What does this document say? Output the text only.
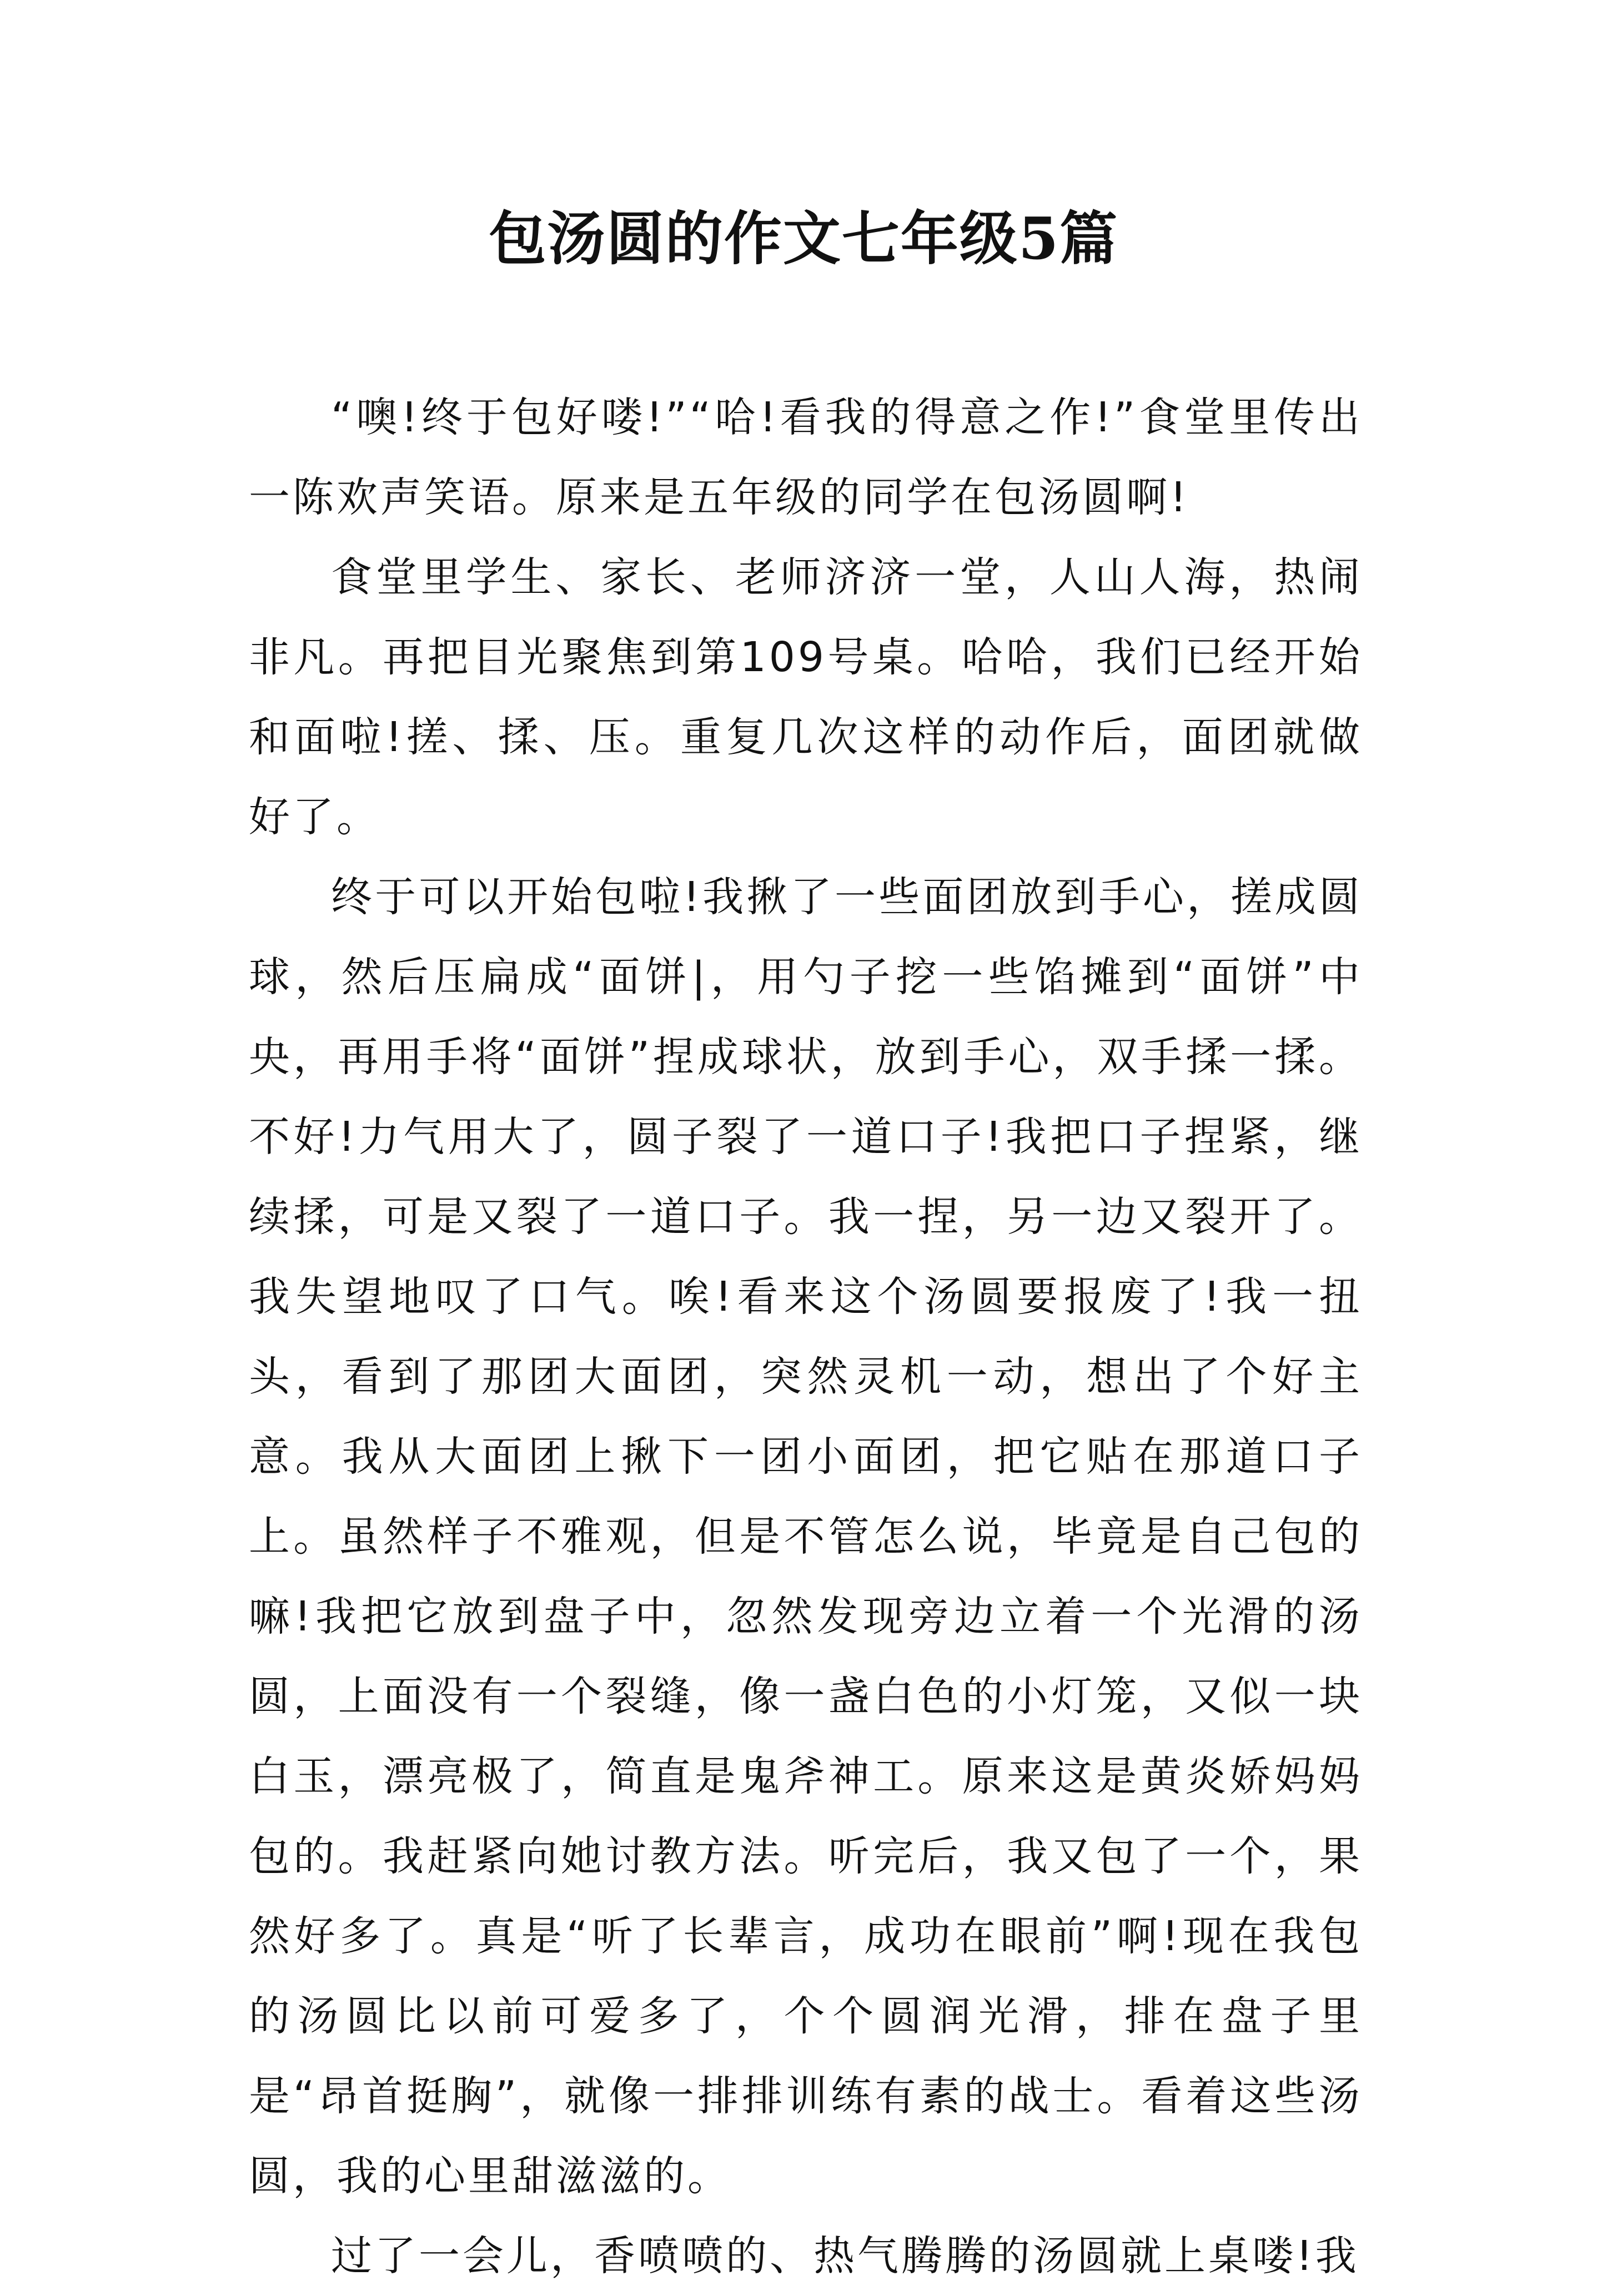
包汤圆的作文七年级5篇

“噢!终于包好喽!”“哈!看我的得意之作!”食堂里传出一陈欢声笑语。原来是五年级的同学在包汤圆啊!

食堂里学生、家长、老师济济一堂，人山人海，热闹非凡。再把目光聚焦到第109号桌。哈哈，我们已经开始和面啦!搓、揉、压。重复几次这样的动作后，面团就做好了。

终于可以开始包啦!我揪了一些面团放到手心，搓成圆球，然后压扁成“面饼|，用勺子挖一些馅摊到“面饼”中央，再用手将“面饼”捏成球状，放到手心，双手揉一揉。不好!力气用大了，圆子裂了一道口子!我把口子捏紧，继续揉，可是又裂了一道口子。我一捏，另一边又裂开了。我失望地叹了口气。唉!看来这个汤圆要报废了!我一扭头，看到了那团大面团，突然灵机一动，想出了个好主意。我从大面团上揪下一团小面团，把它贴在那道口子上。虽然样子不雅观，但是不管怎么说，毕竟是自己包的嘛!我把它放到盘子中，忽然发现旁边立着一个光滑的汤圆，上面没有一个裂缝，像一盏白色的小灯笼，又似一块白玉，漂亮极了，简直是鬼斧神工。原来这是黄炎娇妈妈包的。我赶紧向她讨教方法。听完后，我又包了一个，果然好多了。真是“听了长辈言，成功在眼前”啊!现在我包的汤圆比以前可爱多了，个个圆润光滑，排在盘子里是“昂首挺胸”，就像一排排训练有素的战士。看着这些汤圆，我的心里甜滋滋的。

过了一会儿，香喷喷的、热气腾腾的汤圆就上桌喽!我
